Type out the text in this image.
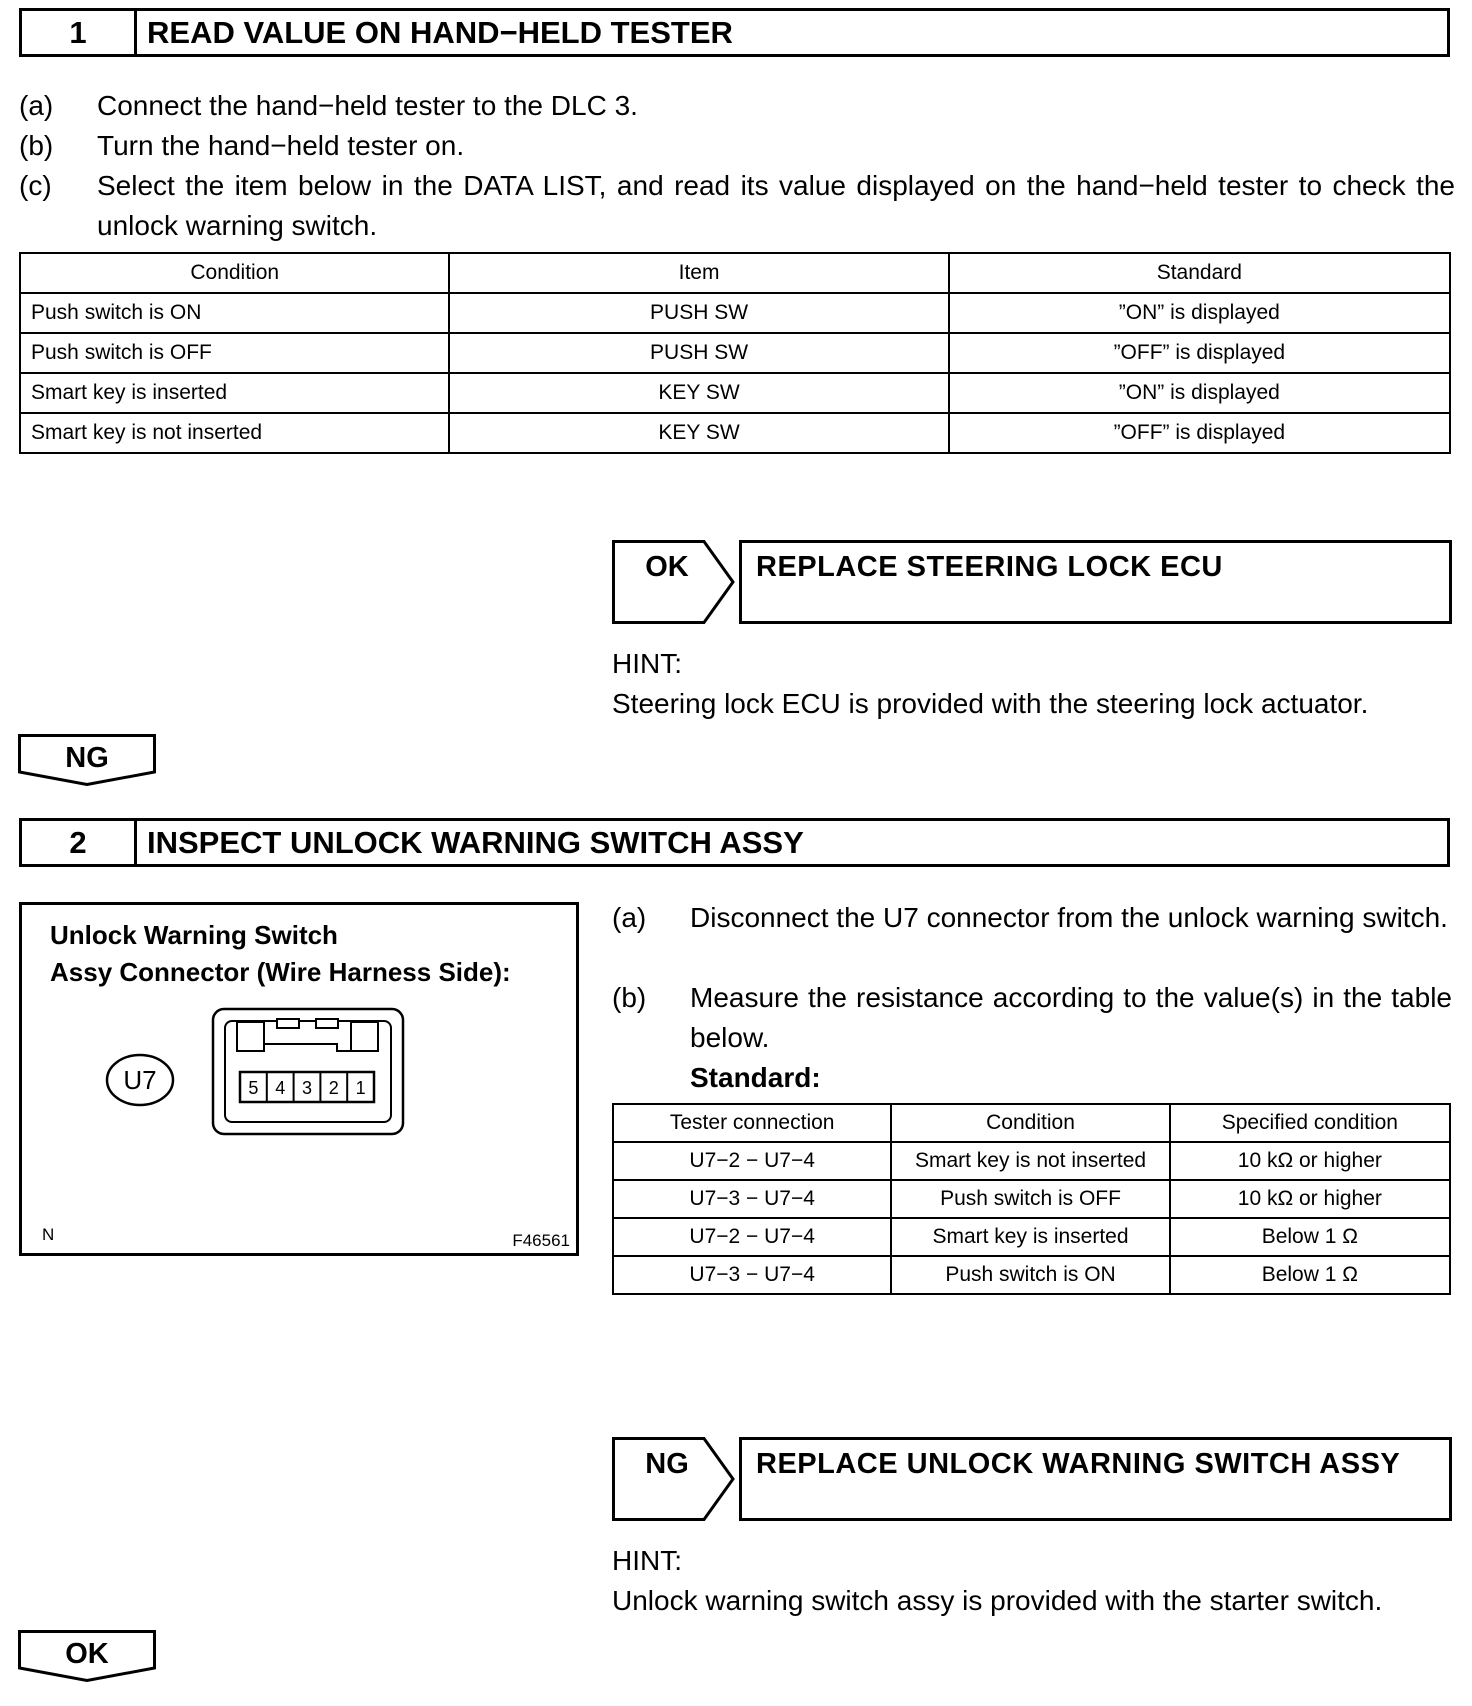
1	READ VALUE ON HAND−HELD TESTER
(a) Connect the hand−held tester to the DLC 3.
(b) Turn the hand−held tester on.
(c) Select the item below in the DATA LIST, and read its value displayed on the hand−held tester to check the unlock warning switch.
Condition	Item	Standard
Push switch is ON	PUSH SW	”ON” is displayed
Push switch is OFF	PUSH SW	”OFF” is displayed
Smart key is inserted	KEY SW	”ON” is displayed
Smart key is not inserted	KEY SW	”OFF” is displayed
OK REPLACE STEERING LOCK ECU
HINT:
Steering lock ECU is provided with the steering lock actuator.
NG
2	INSPECT UNLOCK WARNING SWITCH ASSY
Unlock Warning Switch
Assy Connector (Wire Harness Side):
U7	5 4 3 2 1
N	F46561
(a) Disconnect the U7 connector from the unlock warning switch.
(b) Measure the resistance according to the value(s) in the table below.
Standard:
Tester connection	Condition	Specified condition
U7−2 − U7−4	Smart key is not inserted	10 kΩ or higher
U7−3 − U7−4	Push switch is OFF	10 kΩ or higher
U7−2 − U7−4	Smart key is inserted	Below 1 Ω
U7−3 − U7−4	Push switch is ON	Below 1 Ω
NG REPLACE UNLOCK WARNING SWITCH ASSY
HINT:
Unlock warning switch assy is provided with the starter switch.
OK
